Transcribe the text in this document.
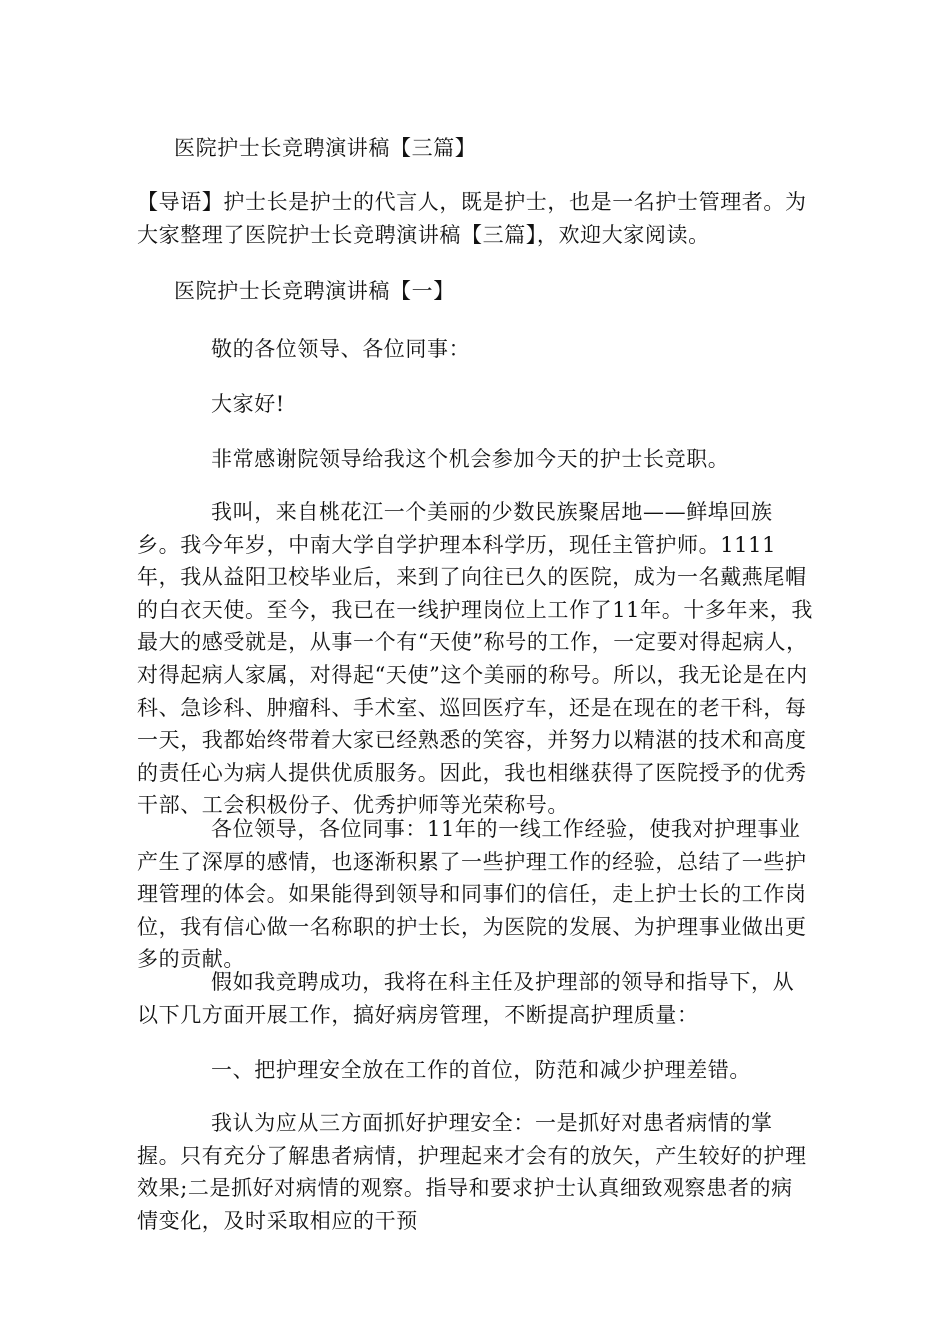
医院护士长竞聘演讲稿【三篇】

【导语】护士长是护士的代言人，既是护士，也是一名护士管理者。为大家整理了医院护士长竞聘演讲稿【三篇】，欢迎大家阅读。

医院护士长竞聘演讲稿【一】

敬的各位领导、各位同事：

大家好!

非常感谢院领导给我这个机会参加今天的护士长竞职。

我叫，来自桃花江一个美丽的少数民族聚居地——鲜埠回族乡。我今年岁，中南大学自学护理本科学历，现任主管护师。1111年，我从益阳卫校毕业后，来到了向往已久的医院，成为一名戴燕尾帽的白衣天使。至今，我已在一线护理岗位上工作了11年。十多年来，我最大的感受就是，从事一个有“天使”称号的工作，一定要对得起病人，对得起病人家属，对得起“天使”这个美丽的称号。所以，我无论是在内科、急诊科、肿瘤科、手术室、巡回医疗车，还是在现在的老干科，每一天，我都始终带着大家已经熟悉的笑容，并努力以精湛的技术和高度的责任心为病人提供优质服务。因此，我也相继获得了医院授予的优秀干部、工会积极份子、优秀护师等光荣称号。

各位领导，各位同事：11年的一线工作经验，使我对护理事业产生了深厚的感情，也逐渐积累了一些护理工作的经验，总结了一些护理管理的体会。如果能得到领导和同事们的信任，走上护士长的工作岗位，我有信心做一名称职的护士长，为医院的发展、为护理事业做出更多的贡献。

假如我竞聘成功，我将在科主任及护理部的领导和指导下，从以下几方面开展工作，搞好病房管理，不断提高护理质量：

一、把护理安全放在工作的首位，防范和减少护理差错。

我认为应从三方面抓好护理安全：一是抓好对患者病情的掌握。只有充分了解患者病情，护理起来才会有的放矢，产生较好的护理效果;二是抓好对病情的观察。指导和要求护士认真细致观察患者的病情变化，及时采取相应的干预
